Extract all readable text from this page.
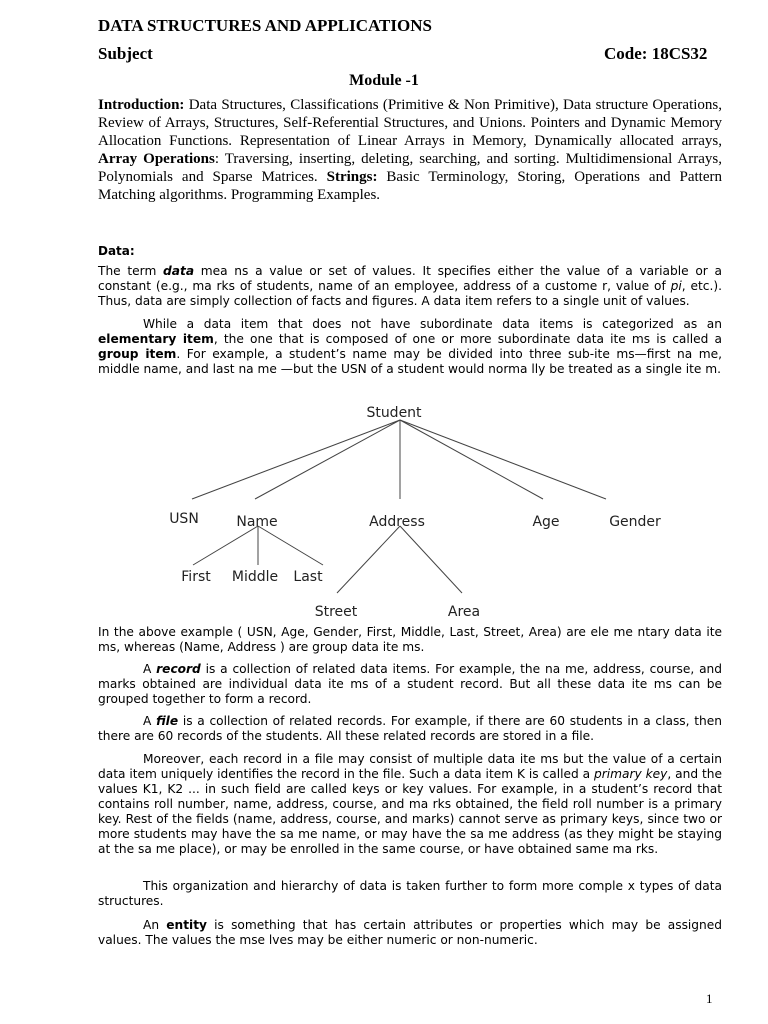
DATA STRUCTURES AND APPLICATIONS
Subject	Code: 18CS32
Module -1
Introduction: Data Structures, Classifications (Primitive & Non Primitive), Data structure Operations, Review of Arrays, Structures, Self-Referential Structures, and Unions. Pointers and Dynamic Memory Allocation Functions. Representation of Linear Arrays in Memory, Dynamically allocated arrays, Array Operations: Traversing, inserting, deleting, searching, and sorting. Multidimensional Arrays, Polynomials and Sparse Matrices. Strings: Basic Terminology, Storing, Operations and Pattern Matching algorithms. Programming Examples.
Data:
The term data mea ns a value or set of values. It specifies either the value of a variable or a constant (e.g., ma rks of students, name of an employee, address of a custome r, value of pi, etc.). Thus, data are simply collection of facts and figures. A data item refers to a single unit of values.
While a data item that does not have subordinate data items is categorized as an elementary item, the one that is composed of one or more subordinate data ite ms is called a group item. For example, a student’s name may be divided into three sub-ite ms—first na me, middle name, and last na me —but the USN of a student would norma lly be treated as a single ite m.
Student
USN	Name	Address	Age	Gender
First Middle Last
Street	Area
In the above example ( USN, Age, Gender, First, Middle, Last, Street, Area) are ele me ntary data ite ms, whereas (Name, Address ) are group data ite ms.
A record is a collection of related data items. For example, the na me, address, course, and marks obtained are individual data ite ms of a student record. But all these data ite ms can be grouped together to form a record.
A file is a collection of related records. For example, if there are 60 students in a class, then there are 60 records of the students. All these related records are stored in a file.
Moreover, each record in a file may consist of multiple data ite ms but the value of a certain data item uniquely identifies the record in the file. Such a data item K is called a primary key, and the values K1, K2 ... in such field are called keys or key values. For example, in a student’s record that contains roll number, name, address, course, and ma rks obtained, the field roll number is a primary key. Rest of the fields (name, address, course, and marks) cannot serve as primary keys, since two or more students may have the sa me name, or may have the sa me address (as they might be staying at the sa me place), or may be enrolled in the same course, or have obtained same ma rks.
This organization and hierarchy of data is taken further to form more comple x types of data structures.
An entity is something that has certain attributes or properties which may be assigned values. The values the mse lves may be either numeric or non-numeric.
1
